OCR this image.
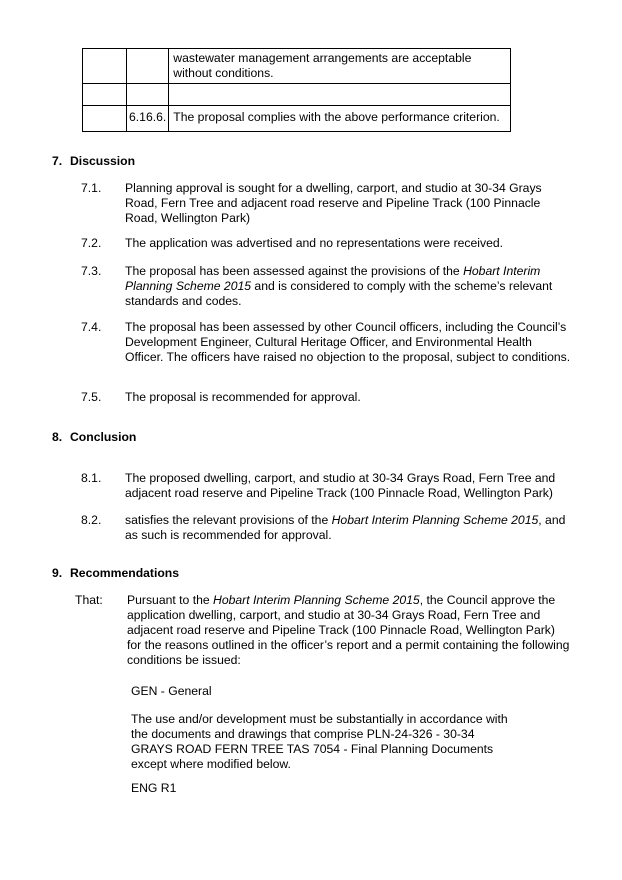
		wastewater management arrangements are acceptable without conditions.

	6.16.6.	The proposal complies with the above performance criterion.
7. Discussion
7.1. Planning approval is sought for a dwelling, carport, and studio at 30-34 Grays Road, Fern Tree and adjacent road reserve and Pipeline Track (100 Pinnacle Road, Wellington Park)
7.2. The application was advertised and no representations were received.
7.3. The proposal has been assessed against the provisions of the Hobart Interim Planning Scheme 2015 and is considered to comply with the scheme’s relevant standards and codes.
7.4. The proposal has been assessed by other Council officers, including the Council’s Development Engineer, Cultural Heritage Officer, and Environmental Health Officer. The officers have raised no objection to the proposal, subject to conditions.
7.5. The proposal is recommended for approval.
8. Conclusion
8.1. The proposed dwelling, carport, and studio at 30-34 Grays Road, Fern Tree and adjacent road reserve and Pipeline Track (100 Pinnacle Road, Wellington Park)
8.2. satisfies the relevant provisions of the Hobart Interim Planning Scheme 2015, and as such is recommended for approval.
9. Recommendations
That: Pursuant to the Hobart Interim Planning Scheme 2015, the Council approve the application dwelling, carport, and studio at 30-34 Grays Road, Fern Tree and adjacent road reserve and Pipeline Track (100 Pinnacle Road, Wellington Park) for the reasons outlined in the officer’s report and a permit containing the following conditions be issued:
GEN - General
The use and/or development must be substantially in accordance with the documents and drawings that comprise PLN-24-326 - 30-34 GRAYS ROAD FERN TREE TAS 7054 - Final Planning Documents except where modified below.
ENG R1
